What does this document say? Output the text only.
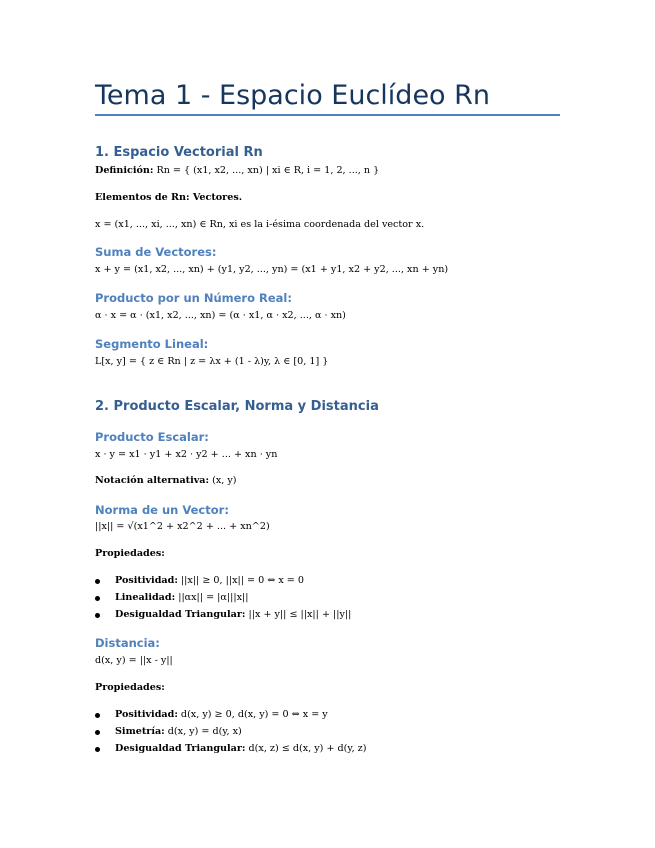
Tema 1 - Espacio Euclídeo Rn
1. Espacio Vectorial Rn
Definición: Rn = { (x1, x2, ..., xn) | xi ∈ R, i = 1, 2, ..., n }
Elementos de Rn: Vectores.
x = (x1, ..., xi, ..., xn) ∈ Rn, xi es la i-ésima coordenada del vector x.
Suma de Vectores:
x + y = (x1, x2, ..., xn) + (y1, y2, ..., yn) = (x1 + y1, x2 + y2, ..., xn + yn)
Producto por un Número Real:
α · x = α · (x1, x2, ..., xn) = (α · x1, α · x2, ..., α · xn)
Segmento Lineal:
L[x, y] = { z ∈ Rn | z = λx + (1 - λ)y, λ ∈ [0, 1] }
2. Producto Escalar, Norma y Distancia
Producto Escalar:
x · y = x1 · y1 + x2 · y2 + ... + xn · yn
Notación alternativa: (x, y)
Norma de un Vector:
||x|| = √(x1^2 + x2^2 + ... + xn^2)
Propiedades:
Positividad: ||x|| ≥ 0, ||x|| = 0 ⇔ x = 0
Linealidad: ||αx|| = |α|||x||
Desigualdad Triangular: ||x + y|| ≤ ||x|| + ||y||
Distancia:
d(x, y) = ||x - y||
Propiedades:
Positividad: d(x, y) ≥ 0, d(x, y) = 0 ⇔ x = y
Simetría: d(x, y) = d(y, x)
Desigualdad Triangular: d(x, z) ≤ d(x, y) + d(y, z)
